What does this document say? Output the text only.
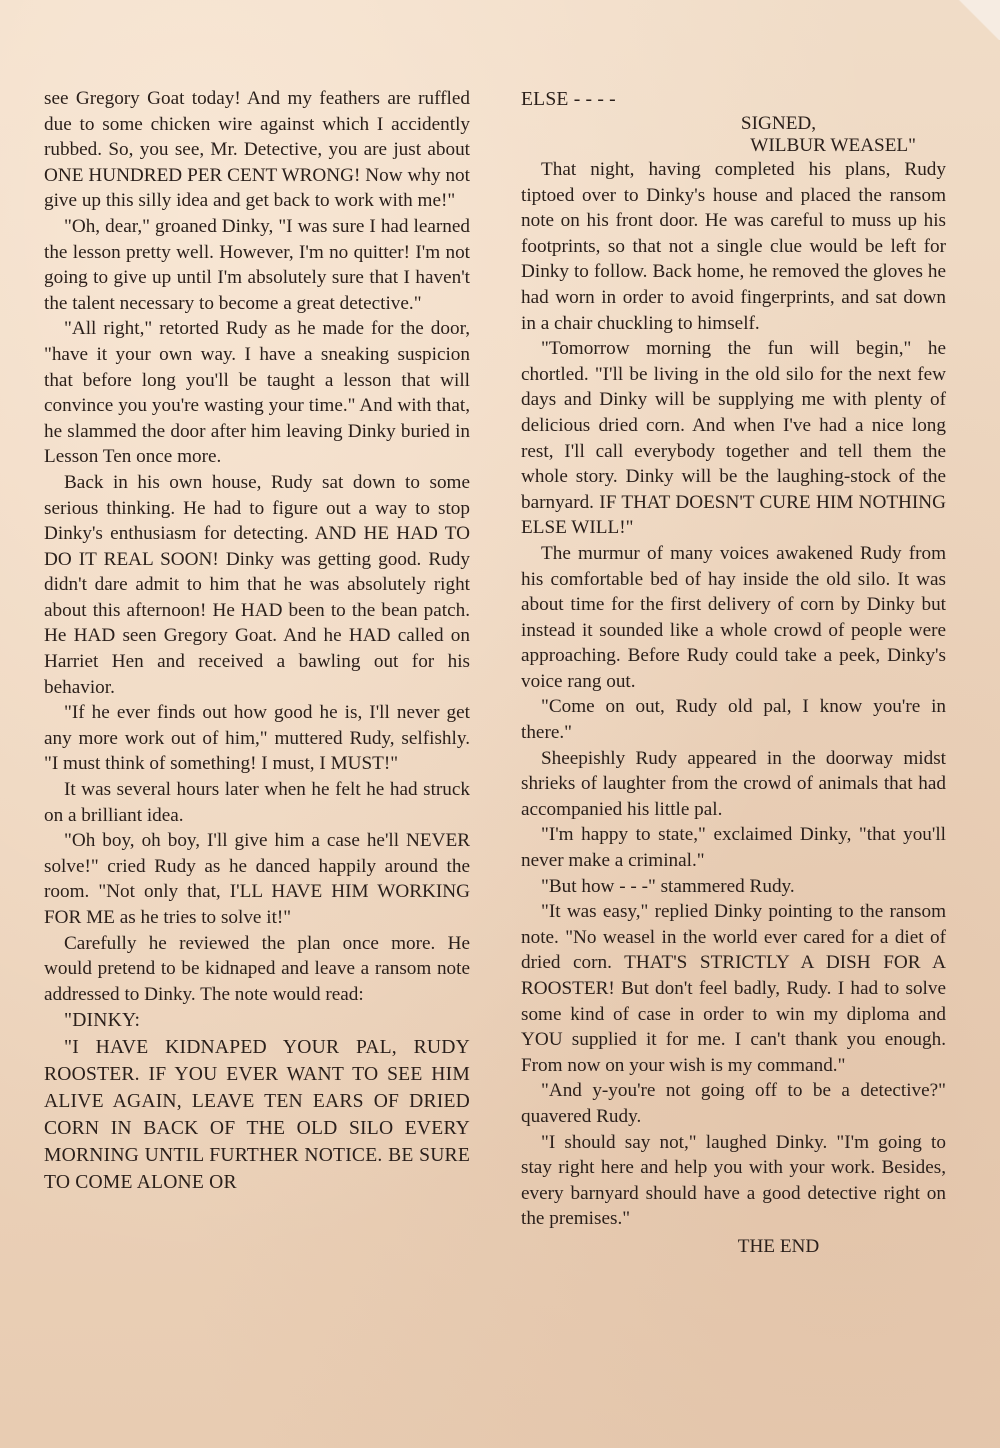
see Gregory Goat today! And my feathers are ruffled due to some chicken wire against which I accidently rubbed. So, you see, Mr. Detective, you are just about ONE HUNDRED PER CENT WRONG! Now why not give up this silly idea and get back to work with me!"

"Oh, dear," groaned Dinky, "I was sure I had learned the lesson pretty well. However, I'm no quitter! I'm not going to give up until I'm absolutely sure that I haven't the talent necessary to become a great detective."

"All right," retorted Rudy as he made for the door, "have it your own way. I have a sneaking suspicion that before long you'll be taught a lesson that will convince you you're wasting your time." And with that, he slammed the door after him leaving Dinky buried in Lesson Ten once more.

Back in his own house, Rudy sat down to some serious thinking. He had to figure out a way to stop Dinky's enthusiasm for detecting. AND HE HAD TO DO IT REAL SOON! Dinky was getting good. Rudy didn't dare admit to him that he was absolutely right about this afternoon! He HAD been to the bean patch. He HAD seen Gregory Goat. And he HAD called on Harriet Hen and received a bawling out for his behavior.

"If he ever finds out how good he is, I'll never get any more work out of him," muttered Rudy, selfishly. "I must think of something! I must, I MUST!"

It was several hours later when he felt he had struck on a brilliant idea.

"Oh boy, oh boy, I'll give him a case he'll NEVER solve!" cried Rudy as he danced happily around the room. "Not only that, I'LL HAVE HIM WORKING FOR ME as he tries to solve it!"

Carefully he reviewed the plan once more. He would pretend to be kidnaped and leave a ransom note addressed to Dinky. The note would read:

"DINKY:

"I HAVE KIDNAPED YOUR PAL, RUDY ROOSTER. IF YOU EVER WANT TO SEE HIM ALIVE AGAIN, LEAVE TEN EARS OF DRIED CORN IN BACK OF THE OLD SILO EVERY MORNING UNTIL FURTHER NOTICE. BE SURE TO COME ALONE OR

ELSE - - - -

SIGNED,
WILBUR WEASEL"

That night, having completed his plans, Rudy tiptoed over to Dinky's house and placed the ransom note on his front door. He was careful to muss up his footprints, so that not a single clue would be left for Dinky to follow. Back home, he removed the gloves he had worn in order to avoid fingerprints, and sat down in a chair chuckling to himself.

"Tomorrow morning the fun will begin," he chortled. "I'll be living in the old silo for the next few days and Dinky will be supplying me with plenty of delicious dried corn. And when I've had a nice long rest, I'll call everybody together and tell them the whole story. Dinky will be the laughing-stock of the barnyard. IF THAT DOESN'T CURE HIM NOTHING ELSE WILL!"

The murmur of many voices awakened Rudy from his comfortable bed of hay inside the old silo. It was about time for the first delivery of corn by Dinky but instead it sounded like a whole crowd of people were approaching. Before Rudy could take a peek, Dinky's voice rang out.

"Come on out, Rudy old pal, I know you're in there."

Sheepishly Rudy appeared in the doorway midst shrieks of laughter from the crowd of animals that had accompanied his little pal.

"I'm happy to state," exclaimed Dinky, "that you'll never make a criminal."

"But how - - -" stammered Rudy.

"It was easy," replied Dinky pointing to the ransom note. "No weasel in the world ever cared for a diet of dried corn. THAT'S STRICTLY A DISH FOR A ROOSTER! But don't feel badly, Rudy. I had to solve some kind of case in order to win my diploma and YOU supplied it for me. I can't thank you enough. From now on your wish is my command."

"And y-you're not going off to be a detective?" quavered Rudy.

"I should say not," laughed Dinky. "I'm going to stay right here and help you with your work. Besides, every barnyard should have a good detective right on the premises."

THE END
